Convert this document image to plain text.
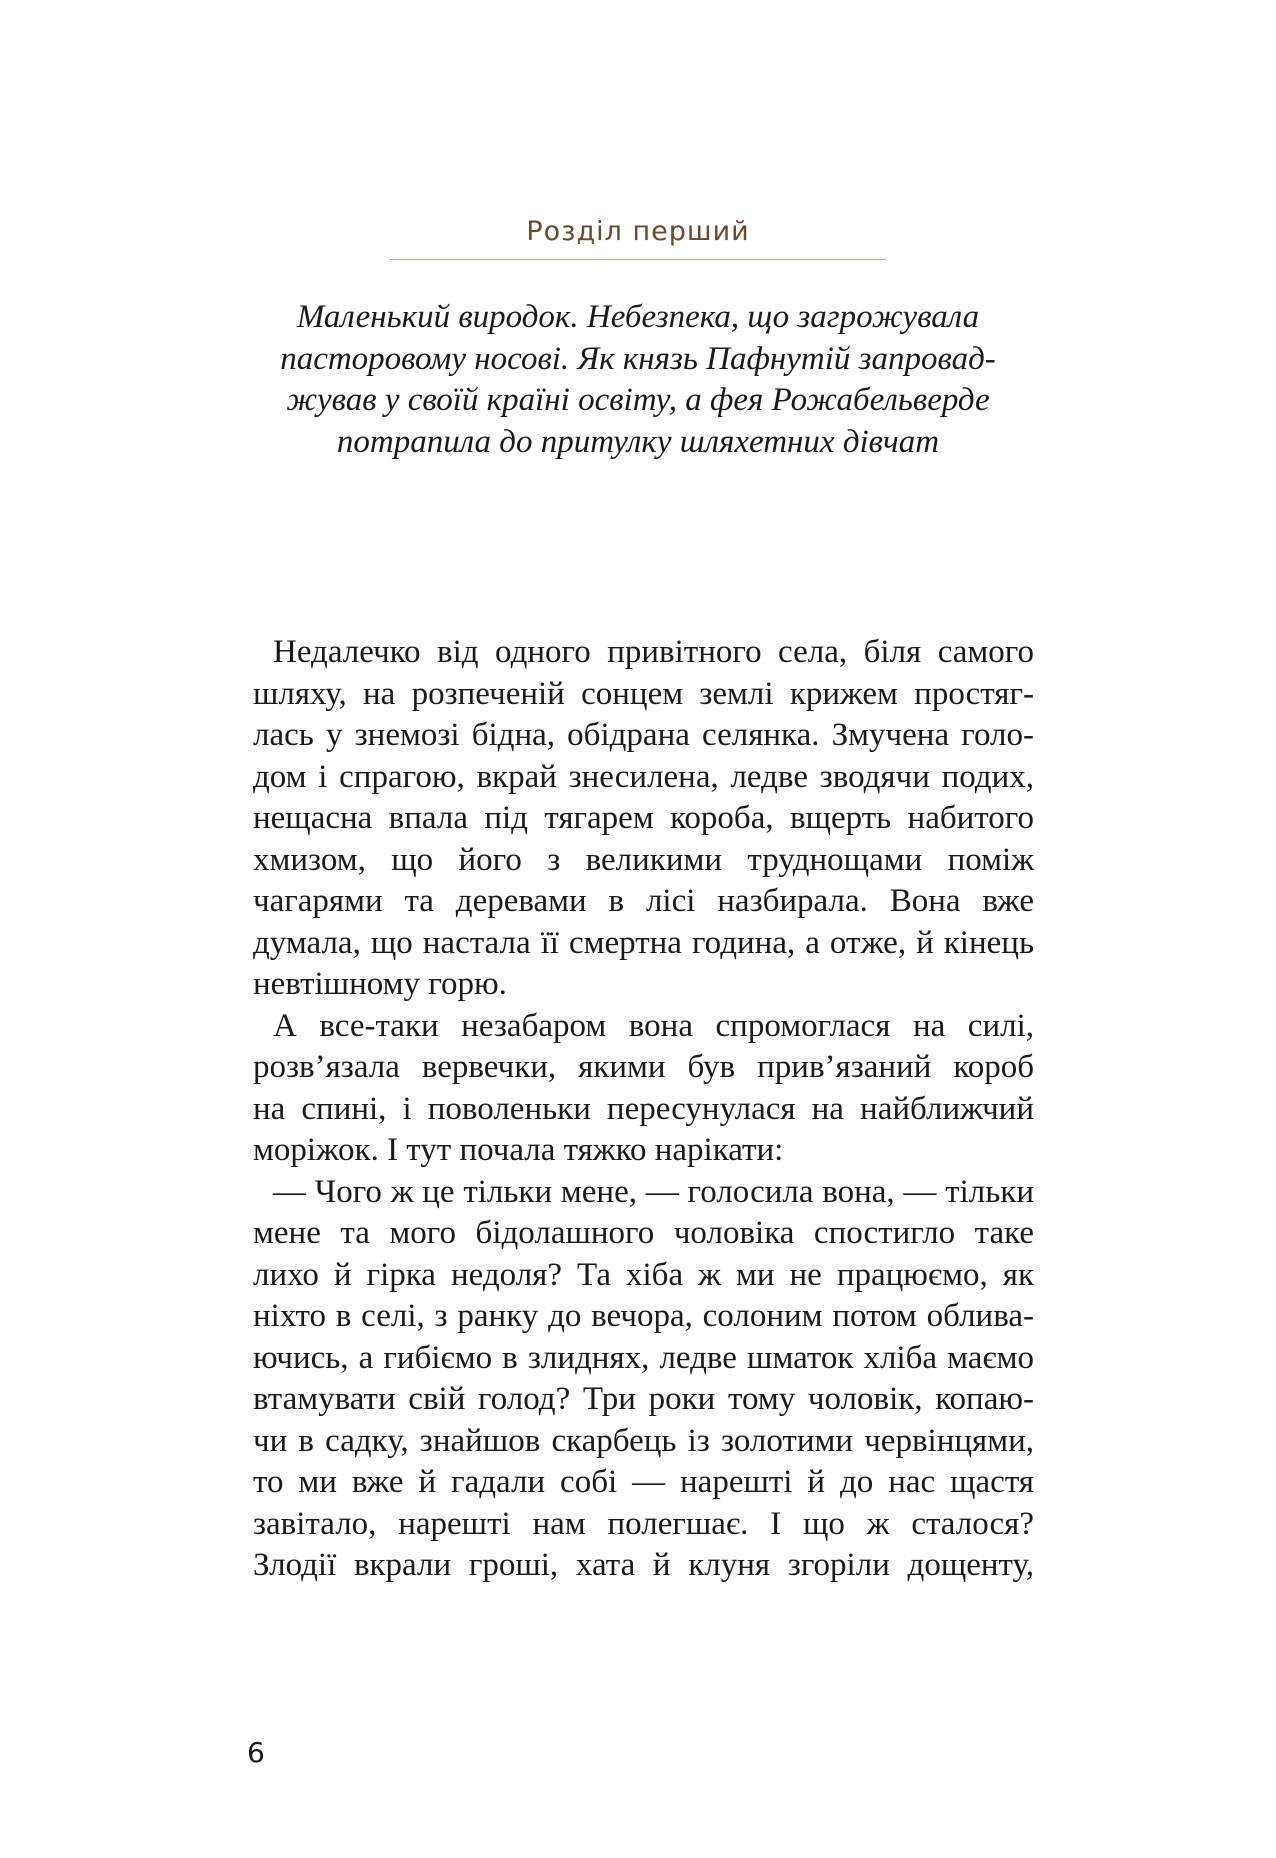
Розділ перший
Маленький виродок. Небезпека, що загрожувала
пасторовому носові. Як князь Пафнутій запровад-
жував у своїй країні освіту, а фея Рожабельверде
потрапила до притулку шляхетних дівчат
Недалечко від одного привітного села, біля самого
шляху, на розпеченій сонцем землі крижем простяг-
лась у знемозі бідна, обідрана селянка. Змучена голо-
дом і спрагою, вкрай знесилена, ледве зводячи подих,
нещасна впала під тягарем короба, вщерть набитого
хмизом, що його з великими труднощами поміж
чагарями та деревами в лісі назбирала. Вона вже
думала, що настала її смертна година, а отже, й кінець
невтішному горю.
А все-таки незабаром вона спромоглася на силі,
розв’язала вервечки, якими був прив’язаний короб
на спині, і поволеньки пересунулася на найближчий
моріжок. І тут почала тяжко нарікати:
— Чого ж це тільки мене, — голосила вона, — тільки
мене та мого бідолашного чоловіка спостигло таке
лихо й гірка недоля? Та хіба ж ми не працюємо, як
ніхто в селі, з ранку до вечора, солоним потом облива-
ючись, а гибіємо в злиднях, ледве шматок хліба маємо
втамувати свій голод? Три роки тому чоловік, копаю-
чи в садку, знайшов скарбець із золотими червінцями,
то ми вже й гадали собі — нарешті й до нас щастя
завітало, нарешті нам полегшає. І що ж сталося?
Злодії вкрали гроші, хата й клуня згоріли дощенту,
6
